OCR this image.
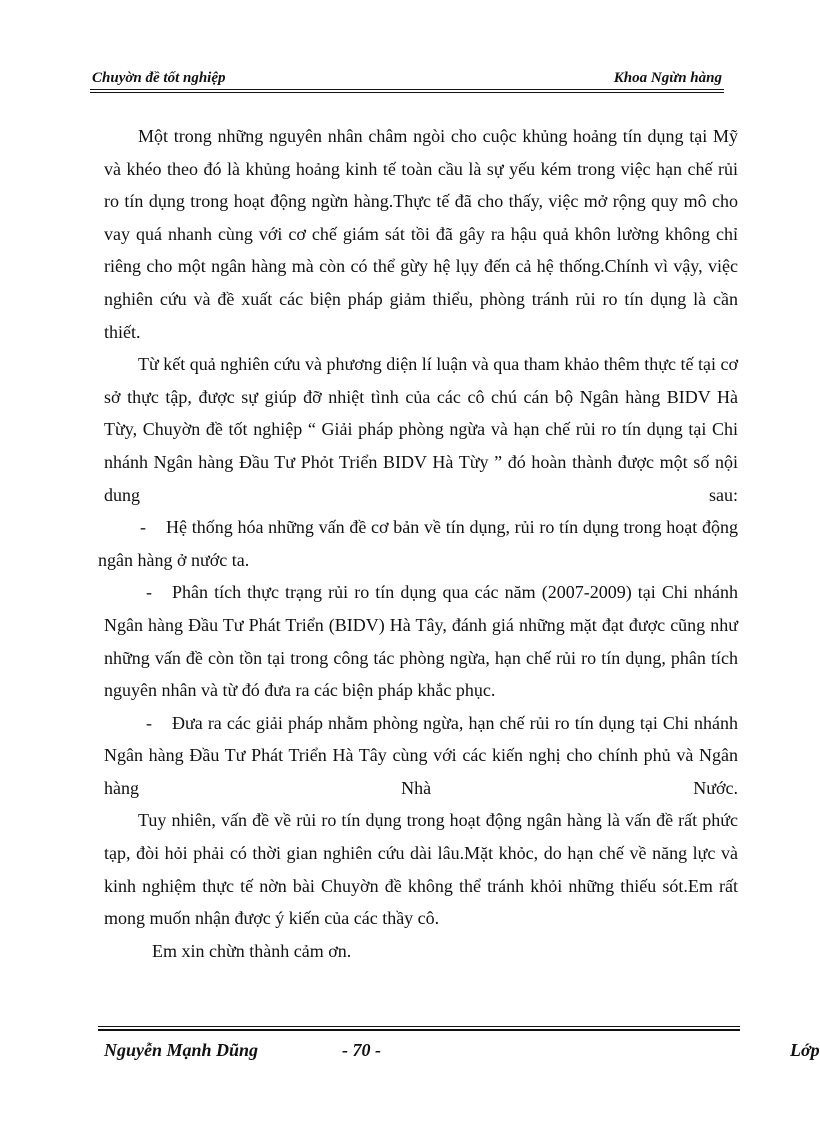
Chuyờn đề tốt nghiệp	Khoa Ngừn hàng

Một trong những nguyên nhân châm ngòi cho cuộc khủng hoảng tín dụng tại Mỹ và khéo theo đó là khủng hoảng kinh tế toàn cầu là sự yếu kém trong việc hạn chế rủi ro tín dụng trong hoạt động ngừn hàng.Thực tế đã cho thấy, việc mở rộng quy mô cho vay quá nhanh cùng với cơ chế giám sát tồi đã gây ra hậu quả khôn lường không chỉ riêng cho một ngân hàng mà còn có thể gừy hệ lụy đến cả hệ thống.Chính vì vậy, việc nghiên cứu và đề xuất các biện pháp giảm thiểu, phòng tránh rủi ro tín dụng là cần thiết.

Từ kết quả nghiên cứu và phương diện lí luận và qua tham khảo thêm thực tế tại cơ sở thực tập, được sự giúp đỡ nhiệt tình của các cô chú cán bộ Ngân hàng BIDV Hà Từy, Chuyờn đề tốt nghiệp “ Giải pháp phòng ngừa và hạn chế rủi ro tín dụng tại Chi nhánh Ngân hàng Đầu Tư Phỏt Triển BIDV Hà Từy ” đó hoàn thành được một số nội dung sau:

- Hệ thống hóa những vấn đề cơ bản về tín dụng, rủi ro tín dụng trong hoạt động ngân hàng ở nước ta.

- Phân tích thực trạng rủi ro tín dụng qua các năm (2007-2009) tại Chi nhánh Ngân hàng Đầu Tư Phát Triển (BIDV) Hà Tây, đánh giá những mặt đạt được cũng như những vấn đề còn tồn tại trong công tác phòng ngừa, hạn chế rủi ro tín dụng, phân tích nguyên nhân và từ đó đưa ra các biện pháp khắc phục.

- Đưa ra các giải pháp nhằm phòng ngừa, hạn chế rủi ro tín dụng tại Chi nhánh Ngân hàng Đầu Tư Phát Triển Hà Tây cùng với các kiến nghị cho chính phủ và Ngân hàng Nhà Nước.

Tuy nhiên, vấn đề về rủi ro tín dụng trong hoạt động ngân hàng là vấn đề rất phức tạp, đòi hỏi phải có thời gian nghiên cứu dài lâu.Mặt khỏc, do hạn chế về năng lực và kinh nghiệm thực tế nờn bài Chuyờn đề không thể tránh khỏi những thiếu sót.Em rất mong muốn nhận được ý kiến của các thầy cô.

Em xin chừn thành cảm ơn.

Nguyễn Mạnh Dũng	- 70 -	Lớp
